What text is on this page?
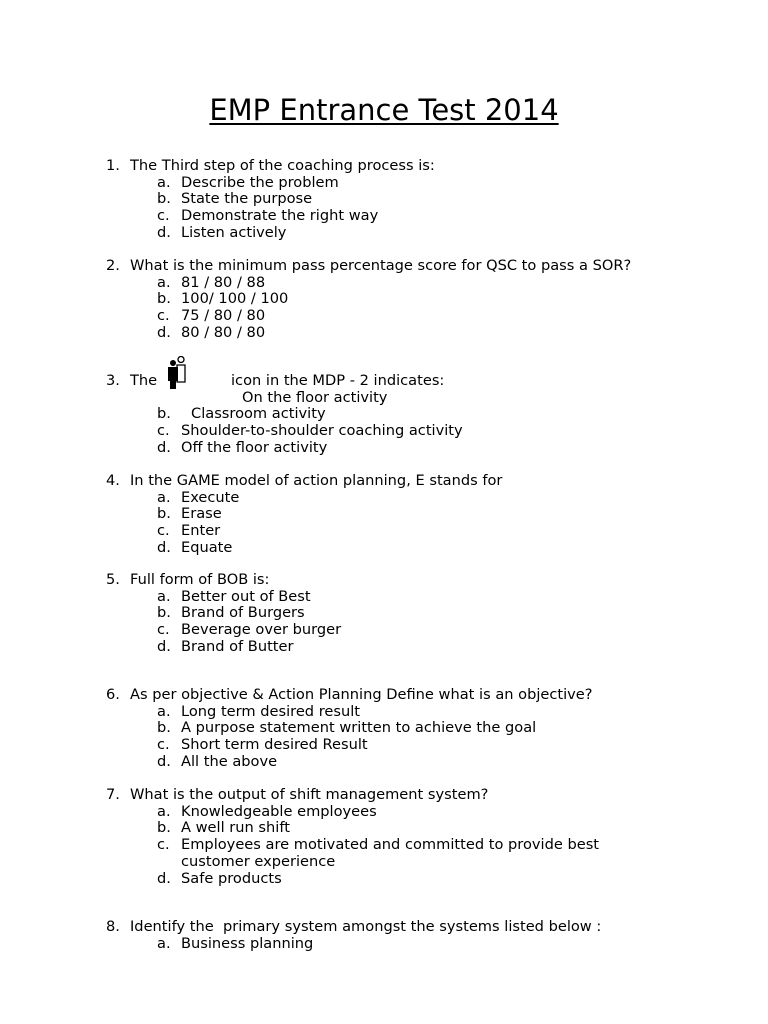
EMP Entrance Test 2014
1. The Third step of the coaching process is:
a. Describe the problem
b. State the purpose
c. Demonstrate the right way
d. Listen actively
2. What is the minimum pass percentage score for QSC to pass a SOR?
a. 81 / 80 / 88
b. 100/ 100 / 100
c. 75 / 80 / 80
d. 80 / 80 / 80
3. The	icon in the MDP - 2 indicates:
On the floor activity
b.	Classroom activity
c. Shoulder-to-shoulder coaching activity
d. Off the floor activity
4. In the GAME model of action planning, E stands for
a. Execute
b. Erase
c. Enter
d. Equate
5. Full form of BOB is:
a. Better out of Best
b. Brand of Burgers
c. Beverage over burger
d. Brand of Butter
6. As per objective & Action Planning Define what is an objective?
a. Long term desired result
b. A purpose statement written to achieve the goal
c. Short term desired Result
d. All the above
7. What is the output of shift management system?
a. Knowledgeable employees
b. A well run shift
c. Employees are motivated and committed to provide best customer experience
d. Safe products
8. Identify the  primary system amongst the systems listed below :
a. Business planning
